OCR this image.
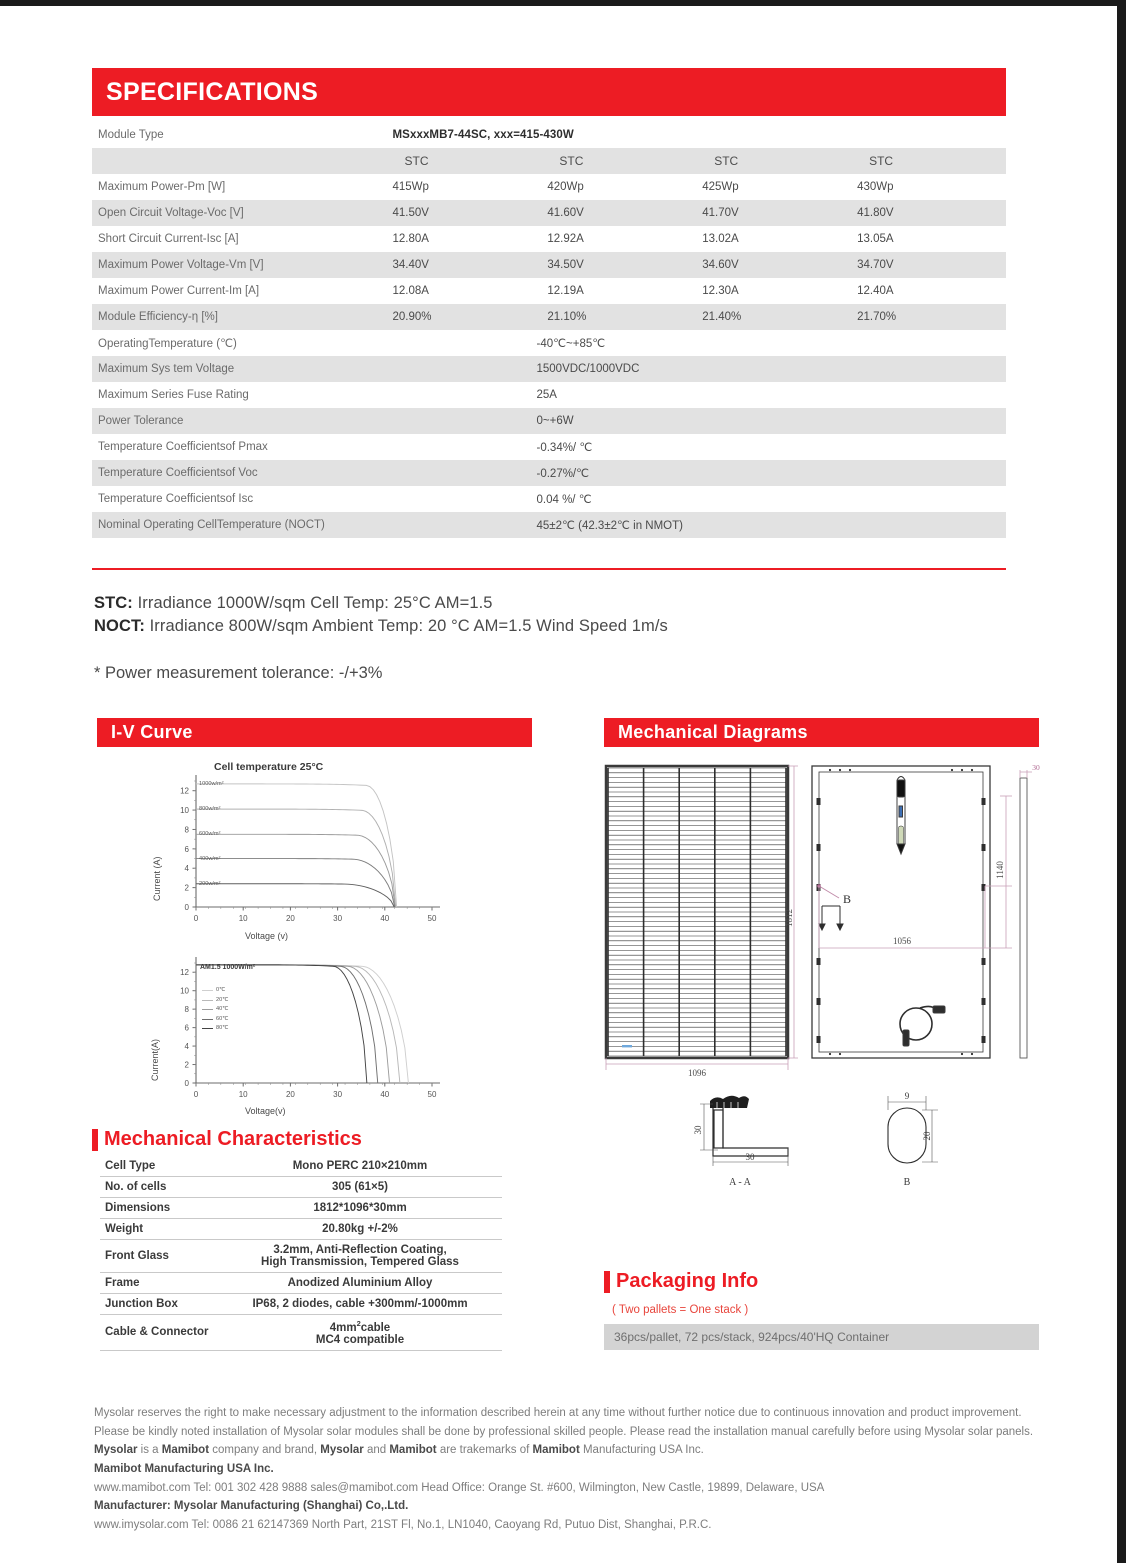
SPECIFICATIONS
Module Type	MSxxxMB7-44SC, xxx=415-430W			
	STC	STC	STC	STC
Maximum Power-Pm [W]	415Wp	420Wp	425Wp	430Wp
Open Circuit Voltage-Voc [V]	41.50V	41.60V	41.70V	41.80V
Short Circuit Current-Isc [A]	12.80A	12.92A	13.02A	13.05A
Maximum Power Voltage-Vm [V]	34.40V	34.50V	34.60V	34.70V
Maximum Power Current-Im [A]	12.08A	12.19A	12.30A	12.40A
Module Efficiency-η [%]	20.90%	21.10%	21.40%	21.70%
OperatingTemperature (℃)	-40℃~+85℃			
Maximum Sys tem Voltage	1500VDC/1000VDC			
Maximum Series Fuse Rating	25A			
Power Tolerance	0~+6W			
Temperature Coefficientsof Pmax	-0.34%/ ℃			
Temperature Coefficientsof Voc	-0.27%/℃			
Temperature Coefficientsof Isc	0.04 %/ ℃			
Nominal Operating CellTemperature (NOCT)	45±2℃ (42.3±2℃ in NMOT)			
STC: Irradiance 1000W/sqm Cell Temp: 25°C AM=1.5
NOCT: Irradiance 800W/sqm Ambient Temp: 20 °C AM=1.5 Wind Speed 1m/s
* Power measurement tolerance: -/+3%
I-V Curve
Cell temperature 25°C
Current (A)
Voltage (v)
0	10	20	30	40	50
0
2
4
6
8
10
12
1000w/m²
800w/m²
600w/m²
400w/m²
200w/m²
Current(A)
Voltage(v)
0	10	20	30	40	50
0
2
4
6
8
10
12
AM1.5 1000W/m²
0℃
20℃
40℃
60℃
80℃
Mechanical Characteristics
Cell Type	Mono PERC 210×210mm
No. of cells	305 (61×5)
Dimensions	1812*1096*30mm
Weight	20.80kg +/-2%
Front Glass	3.2mm, Anti-Reflection Coating,
High Transmission, Tempered Glass
Frame	Anodized Aluminium Alloy
Junction Box	IP68, 2 diodes, cable +300mm/-1000mm
Cable & Connector	$4mm^2cable$
MC4 compatible
Mechanical Diagrams
1812
1096
B
1140
1056
30
30
30
A - A
9
20
B
Packaging Info
( Two pallets = One stack )
36pcs/pallet, 72 pcs/stack, 924pcs/40'HQ Container
Mysolar reserves the right to make necessary adjustment to the information described herein at any time without further notice due to continuous innovation and product improvement. Please be kindly noted installation of Mysolar solar modules shall be done by professional skilled people. Please read the installation manual carefully before using Mysolar solar panels.
Mysolar is a Mamibot company and brand, Mysolar and Mamibot are trakemarks of Mamibot Manufacturing USA Inc.
Mamibot Manufacturing USA Inc.
www.mamibot.com Tel: 001 302 428 9888 sales@mamibot.com Head Office: Orange St. #600, Wilmington, New Castle, 19899, Delaware, USA
Manufacturer: Mysolar Manufacturing (Shanghai) Co,.Ltd.
www.imysolar.com Tel: 0086 21 62147369 North Part, 21ST Fl, No.1, LN1040, Caoyang Rd, Putuo Dist, Shanghai, P.R.C.
